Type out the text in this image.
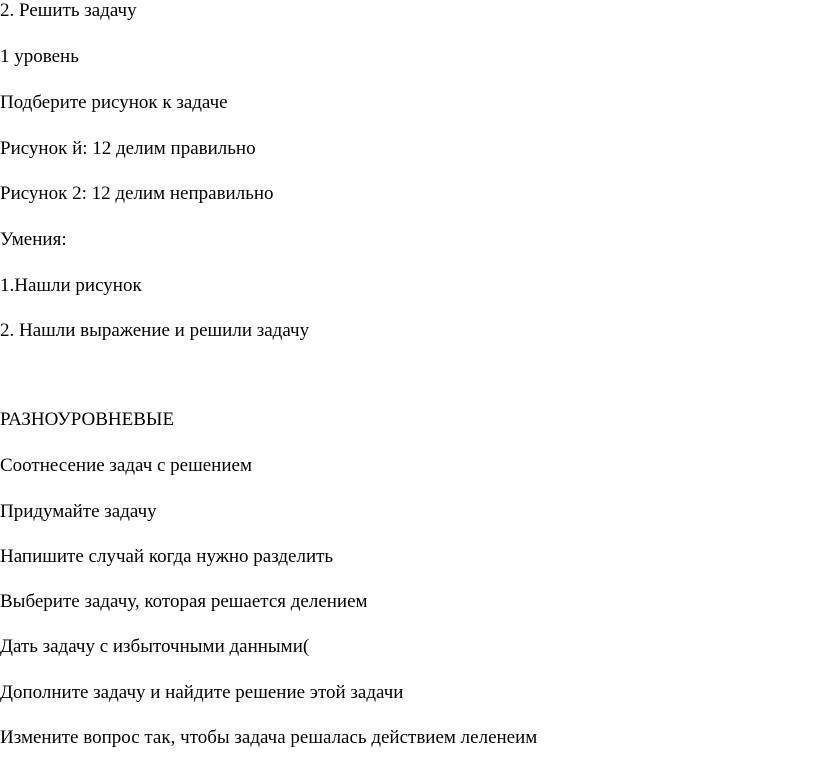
2. Решить задачу
1 уровень
Подберите рисунок к задаче
Рисунок й: 12 делим правильно
Рисунок 2: 12 делим неправильно
Умения:
1.Нашли рисунок
2. Нашли выражение и решили задачу
РАЗНОУРОВНЕВЫЕ
Соотнесение задач с решением
Придумайте задачу
Напишите случай когда нужно разделить
Выберите задачу, которая решается делением
Дать задачу с избыточными данными(
Дополните задачу и найдите решение этой задачи
Измените вопрос так, чтобы задача решалась действием леленеим
